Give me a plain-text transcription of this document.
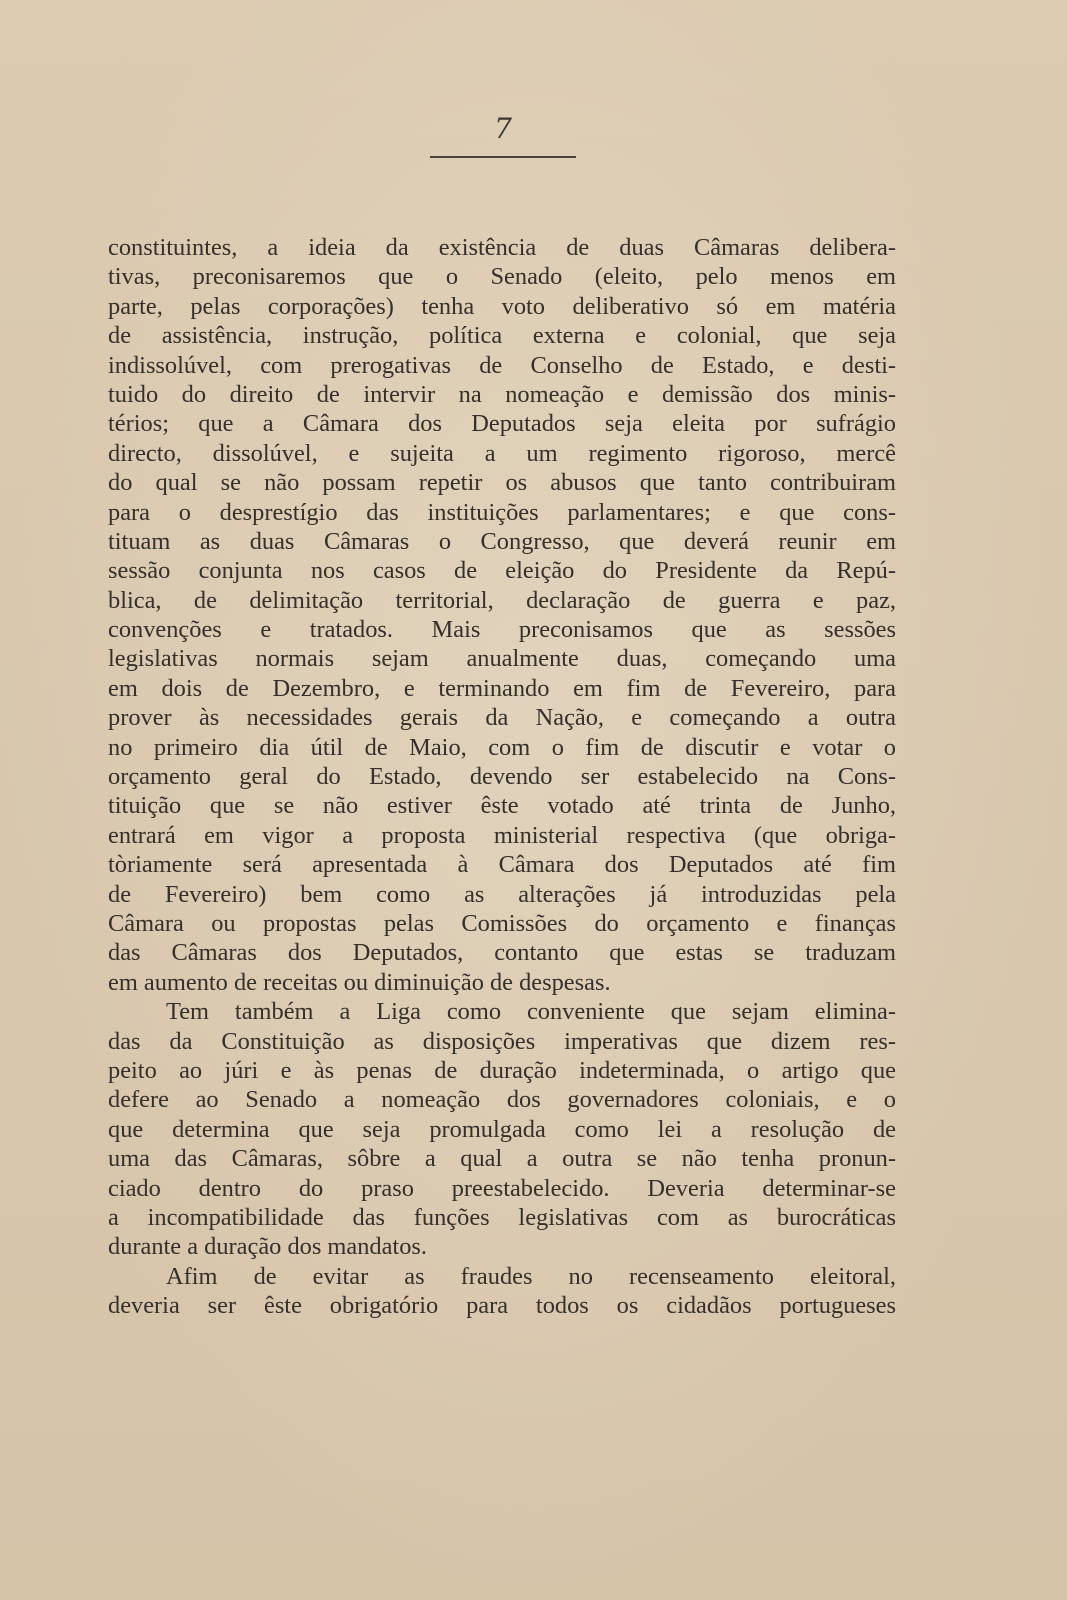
7
constituintes, a ideia da existência de duas Câmaras delibera-
tivas, preconisaremos que o Senado (eleito, pelo menos em
parte, pelas corporações) tenha voto deliberativo só em matéria
de assistência, instrução, política externa e colonial, que seja
indissolúvel, com prerogativas de Conselho de Estado, e desti-
tuido do direito de intervir na nomeação e demissão dos minis-
térios; que a Câmara dos Deputados seja eleita por sufrágio
directo, dissolúvel, e sujeita a um regimento rigoroso, mercê
do qual se não possam repetir os abusos que tanto contribuiram
para o desprestígio das instituições parlamentares; e que cons-
tituam as duas Câmaras o Congresso, que deverá reunir em
sessão conjunta nos casos de eleição do Presidente da Repú-
blica, de delimitação territorial, declaração de guerra e paz,
convenções e tratados. Mais preconisamos que as sessões
legislativas normais sejam anualmente duas, começando uma
em dois de Dezembro, e terminando em fim de Fevereiro, para
prover às necessidades gerais da Nação, e começando a outra
no primeiro dia útil de Maio, com o fim de discutir e votar o
orçamento geral do Estado, devendo ser estabelecido na Cons-
tituição que se não estiver êste votado até trinta de Junho,
entrará em vigor a proposta ministerial respectiva (que obriga-
tòriamente será apresentada à Câmara dos Deputados até fim
de Fevereiro) bem como as alterações já introduzidas pela
Câmara ou propostas pelas Comissões do orçamento e finanças
das Câmaras dos Deputados, contanto que estas se traduzam
em aumento de receitas ou diminuição de despesas.
Tem também a Liga como conveniente que sejam elimina-
das da Constituição as disposições imperativas que dizem res-
peito ao júri e às penas de duração indeterminada, o artigo que
defere ao Senado a nomeação dos governadores coloniais, e o
que determina que seja promulgada como lei a resolução de
uma das Câmaras, sôbre a qual a outra se não tenha pronun-
ciado dentro do praso preestabelecido. Deveria determinar-se
a incompatibilidade das funções legislativas com as burocráticas
durante a duração dos mandatos.
Afim de evitar as fraudes no recenseamento eleitoral,
deveria ser êste obrigatório para todos os cidadãos portugueses
